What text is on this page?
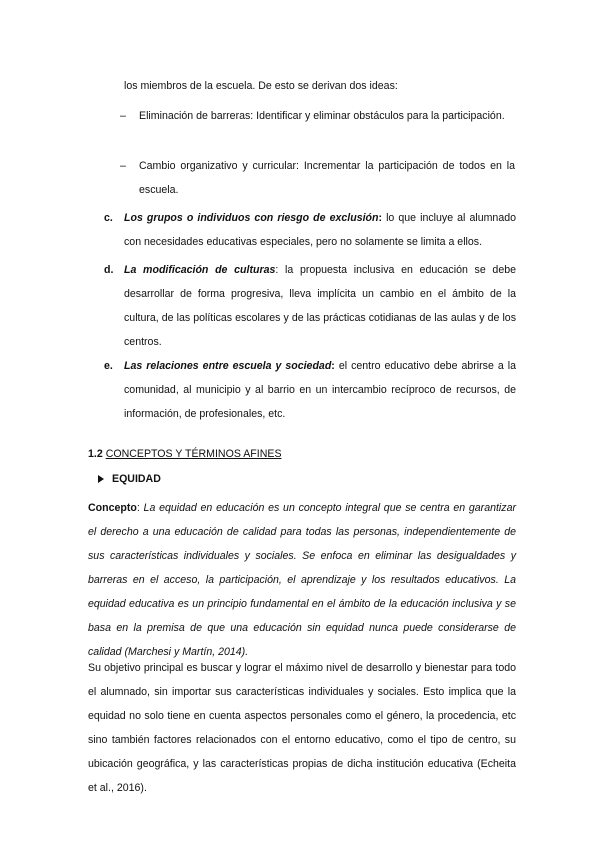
los miembros de la escuela. De esto se derivan dos ideas:
– Eliminación de barreras: Identificar y eliminar obstáculos para la participación.
– Cambio organizativo y curricular: Incrementar la participación de todos en la escuela.
c. Los grupos o individuos con riesgo de exclusión: lo que incluye al alumnado con necesidades educativas especiales, pero no solamente se limita a ellos.
d. La modificación de culturas: la propuesta inclusiva en educación se debe desarrollar de forma progresiva, lleva implícita un cambio en el ámbito de la cultura, de las políticas escolares y de las prácticas cotidianas de las aulas y de los centros.
e. Las relaciones entre escuela y sociedad: el centro educativo debe abrirse a la comunidad, al municipio y al barrio en un intercambio recíproco de recursos, de información, de profesionales, etc.
1.2 CONCEPTOS Y TÉRMINOS AFINES
EQUIDAD
Concepto: La equidad en educación es un concepto integral que se centra en garantizar el derecho a una educación de calidad para todas las personas, independientemente de sus características individuales y sociales. Se enfoca en eliminar las desigualdades y barreras en el acceso, la participación, el aprendizaje y los resultados educativos. La equidad educativa es un principio fundamental en el ámbito de la educación inclusiva y se basa en la premisa de que una educación sin equidad nunca puede considerarse de calidad (Marchesi y Martín, 2014).
Su objetivo principal es buscar y lograr el máximo nivel de desarrollo y bienestar para todo el alumnado, sin importar sus características individuales y sociales. Esto implica que la equidad no solo tiene en cuenta aspectos personales como el género, la procedencia, etc sino también factores relacionados con el entorno educativo, como el tipo de centro, su ubicación geográfica, y las características propias de dicha institución educativa (Echeita et al., 2016).
